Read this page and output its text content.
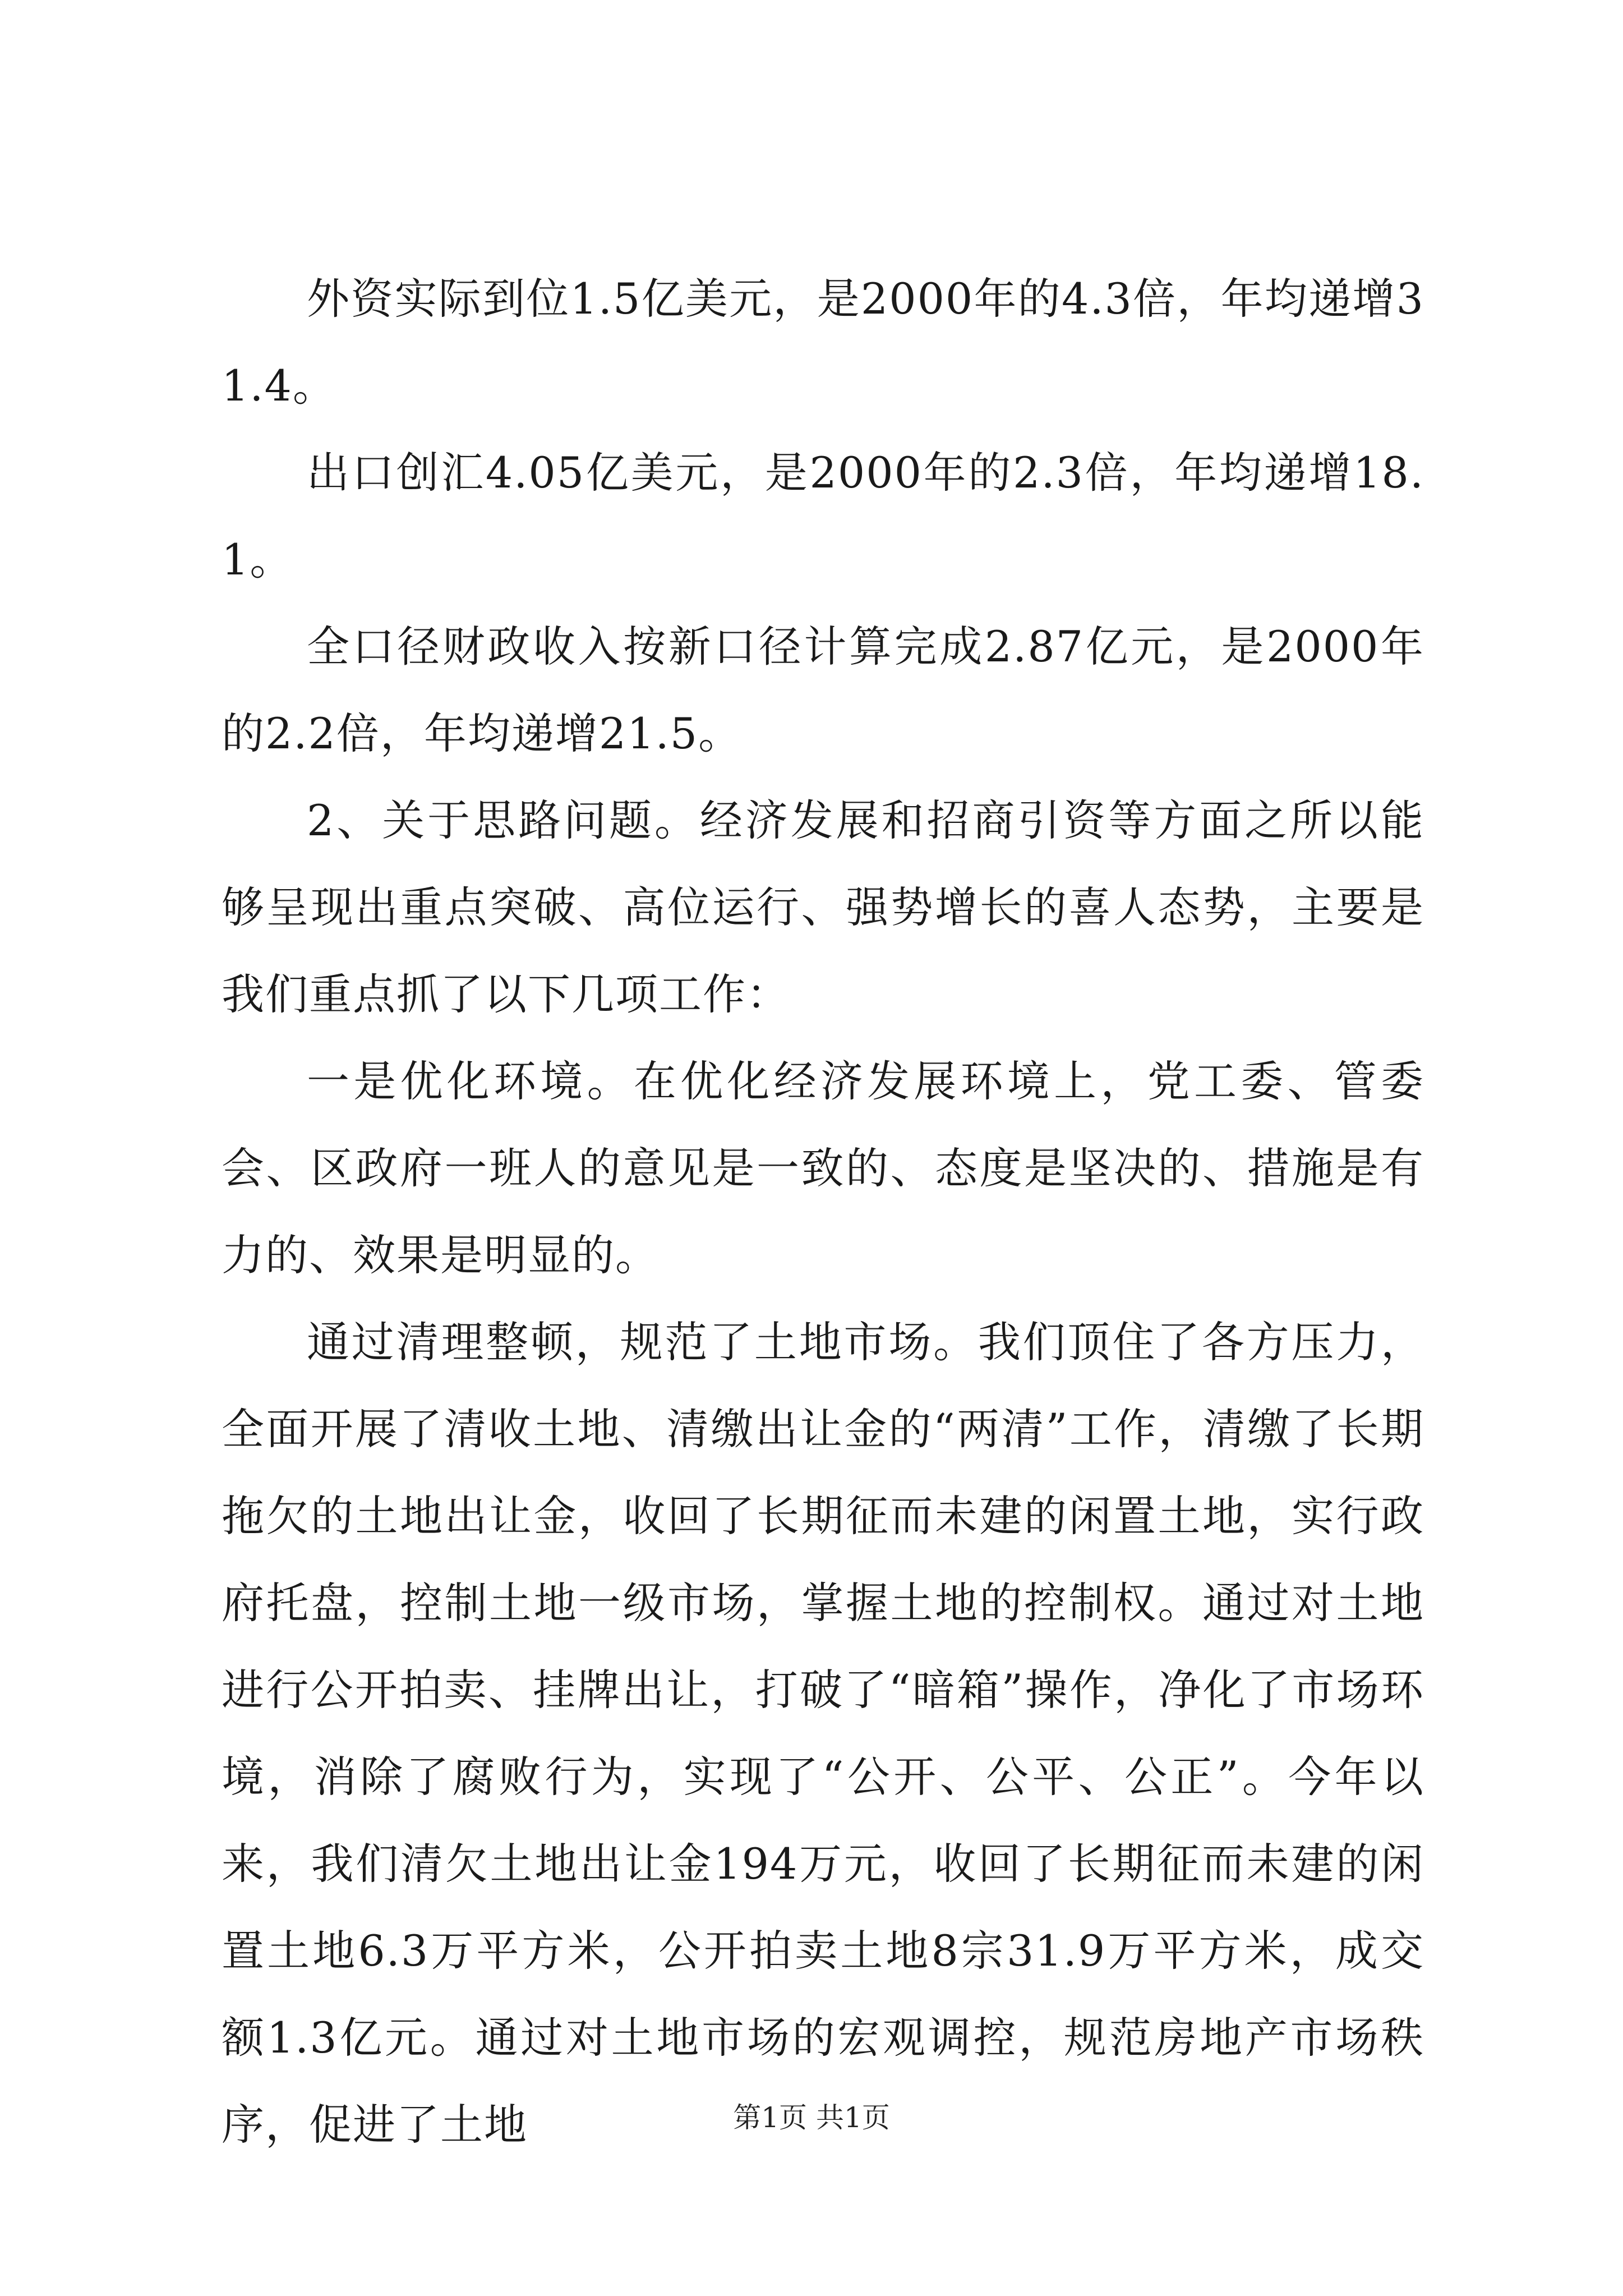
外资实际到位1.5亿美元，是2000年的4.3倍，年均递增31.4。

出口创汇4.05亿美元，是2000年的2.3倍，年均递增18.1。

全口径财政收入按新口径计算完成2.87亿元，是2000年的2.2倍，年均递增21.5。

2、关于思路问题。经济发展和招商引资等方面之所以能够呈现出重点突破、高位运行、强势增长的喜人态势，主要是我们重点抓了以下几项工作：

一是优化环境。在优化经济发展环境上，党工委、管委会、区政府一班人的意见是一致的、态度是坚决的、措施是有力的、效果是明显的。

通过清理整顿，规范了土地市场。我们顶住了各方压力，全面开展了清收土地、清缴出让金的“两清”工作，清缴了长期拖欠的土地出让金，收回了长期征而未建的闲置土地，实行政府托盘，控制土地一级市场，掌握土地的控制权。通过对土地进行公开拍卖、挂牌出让，打破了“暗箱”操作，净化了市场环境，消除了腐败行为，实现了“公开、公平、公正”。今年以来，我们清欠土地出让金194万元，收回了长期征而未建的闲置土地6.3万平方米，公开拍卖土地8宗31.9万平方米，成交额1.3亿元。通过对土地市场的宏观调控，规范房地产市场秩序，促进了土地	第1页 共1页
